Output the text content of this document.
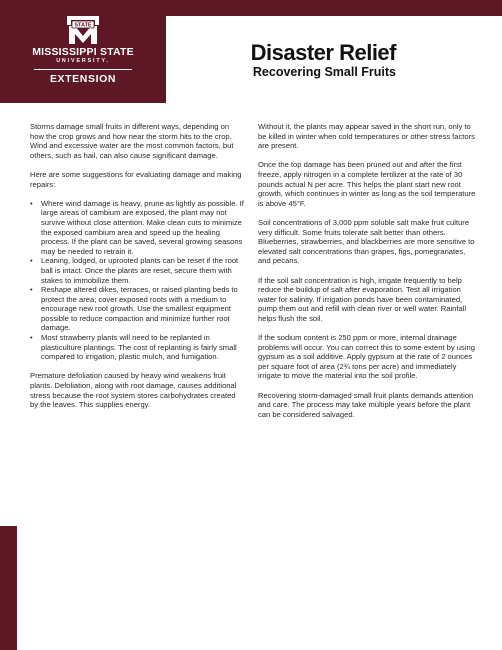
STATE
MISSISSIPPI STATE
UNIVERSITY.
EXTENSION
Disaster Relief
Recovering Small Fruits

Storms damage small fruits in different ways, depending on how the crop grows and how near the storm hits to the crop. Wind and excessive water are the most common factors, but others, such as hail, can also cause significant damage.

Here are some suggestions for evaluating damage and making repairs:

• Where wind damage is heavy, prune as lightly as possible. If large areas of cambium are exposed, the plant may not survive without close attention. Make clean cuts to minimize the exposed cambium area and speed up the healing process. If the plant can be saved, several growing seasons may be needed to retrain it.
• Leaning, lodged, or uprooted plants can be reset if the root ball is intact. Once the plants are reset, secure them with stakes to immobilize them.
• Reshape altered dikes, terraces, or raised planting beds to protect the area; cover exposed roots with a medium to encourage new root growth. Use the smallest equipment possible to reduce compaction and minimize further root damage.
• Most strawberry plants will need to be replanted in plasticulture plantings. The cost of replanting is fairly small compared to irrigation, plastic mulch, and fumigation.

Premature defoliation caused by heavy wind weakens fruit plants. Defoliation, along with root damage, causes additional stress because the root system stores carbohydrates created by the leaves. This supplies energy.

Without it, the plants may appear saved in the short run, only to be killed in winter when cold temperatures or other stress factors are present.

Once the top damage has been pruned out and after the first freeze, apply nitrogen in a complete fertilizer at the rate of 30 pounds actual N per acre. This helps the plant start new root growth, which continues in winter as long as the soil temperature is above 45°F.

Soil concentrations of 3,000 ppm soluble salt make fruit culture very difficult. Some fruits tolerate salt better than others. Blueberries, strawberries, and blackberries are more sensitive to elevated salt concentrations than grapes, figs, pomegranates, and pecans.

If the soil salt concentration is high, irrigate frequently to help reduce the buildup of salt after evaporation. Test all irrigation water for salinity. If irrigation ponds have been contaminated, pump them out and refill with clean river or well water. Rainfall helps flush the soil.

If the sodium content is 250 ppm or more, internal drainage problems will occur. You can correct this to some extent by using gypsum as a soil additive. Apply gypsum at the rate of 2 ounces per square foot of area (2¾ tons per acre) and immediately irrigate to move the material into the soil profile.

Recovering storm-damaged small fruit plants demands attention and care. The process may take multiple years before the plant can be considered salvaged.
